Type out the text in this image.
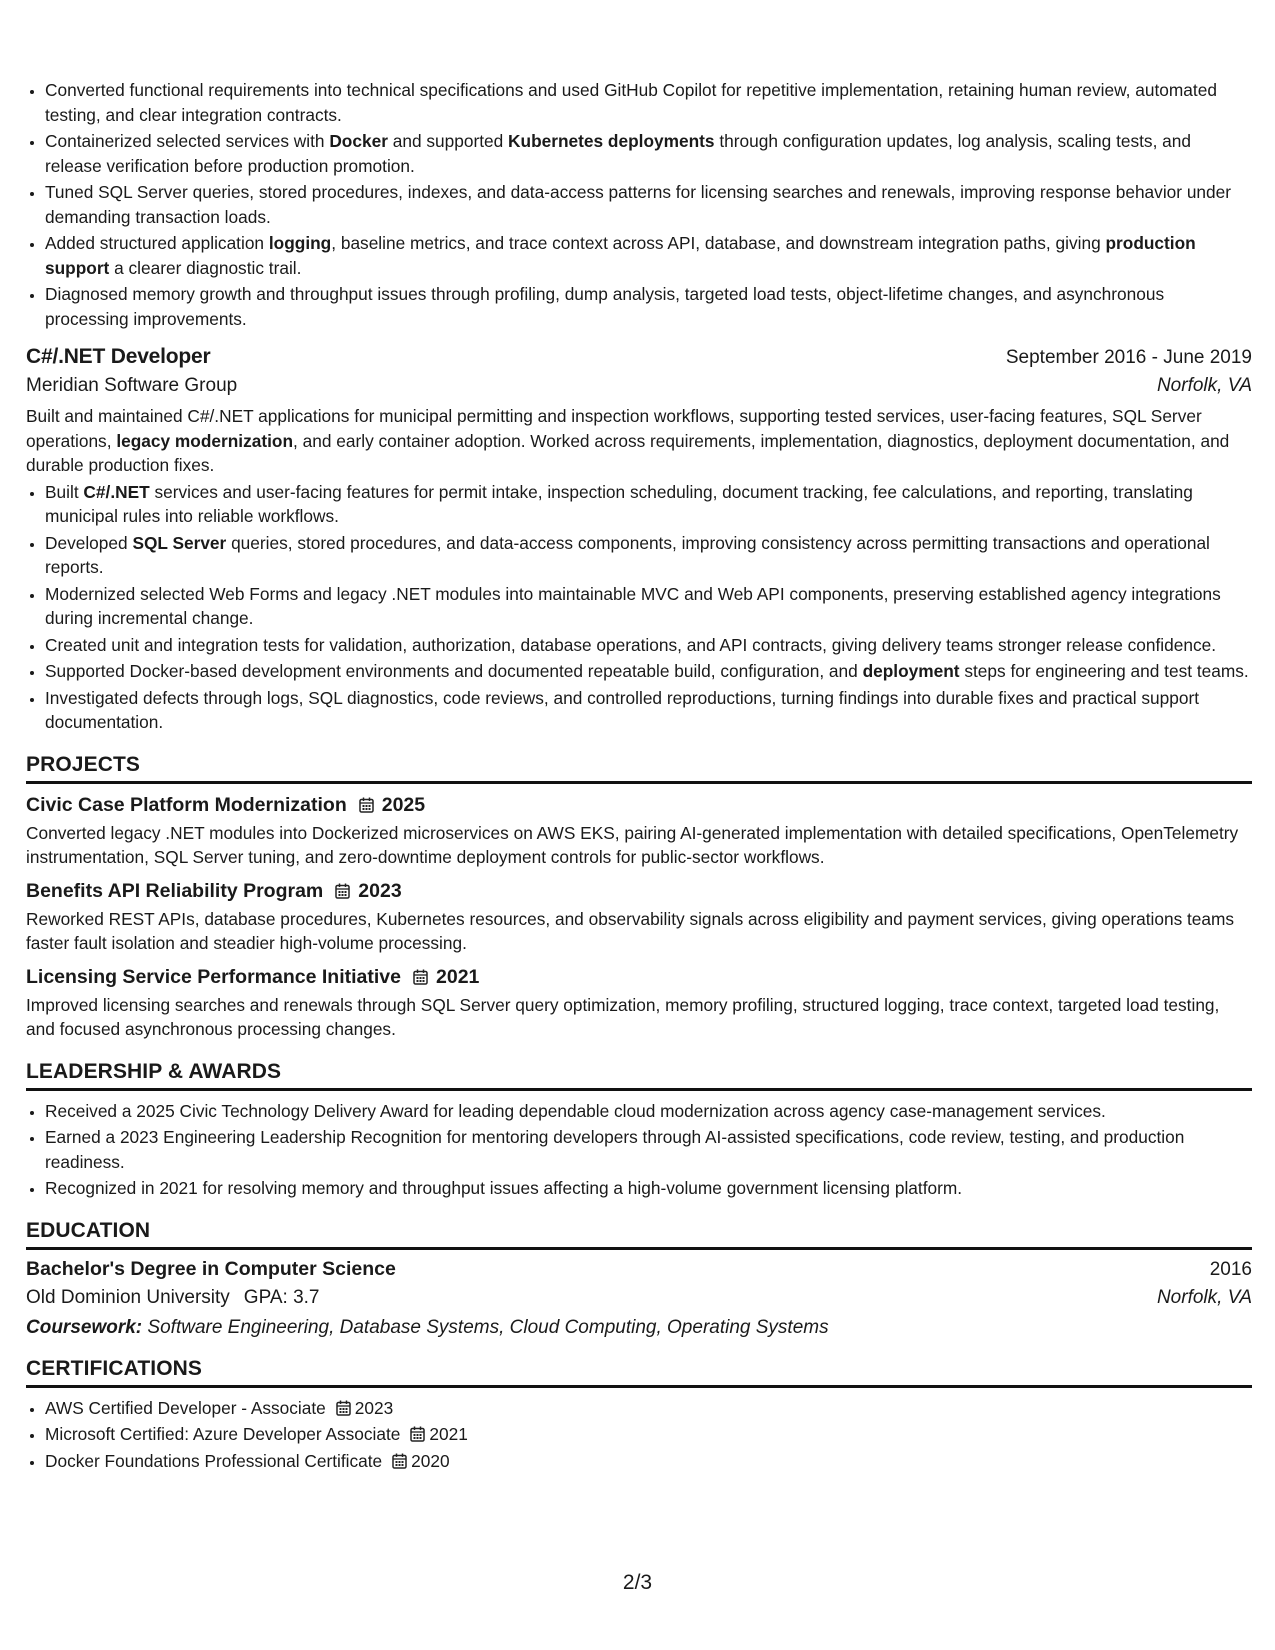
• Converted functional requirements into technical specifications and used GitHub Copilot for repetitive implementation, retaining human review, automated testing, and clear integration contracts.
• Containerized selected services with Docker and supported Kubernetes deployments through configuration updates, log analysis, scaling tests, and release verification before production promotion.
• Tuned SQL Server queries, stored procedures, indexes, and data-access patterns for licensing searches and renewals, improving response behavior under demanding transaction loads.
• Added structured application logging, baseline metrics, and trace context across API, database, and downstream integration paths, giving production support a clearer diagnostic trail.
• Diagnosed memory growth and throughput issues through profiling, dump analysis, targeted load tests, object-lifetime changes, and asynchronous processing improvements.
C#/.NET Developer	September 2016 - June 2019
Meridian Software Group	Norfolk, VA
Built and maintained C#/.NET applications for municipal permitting and inspection workflows, supporting tested services, user-facing features, SQL Server operations, legacy modernization, and early container adoption. Worked across requirements, implementation, diagnostics, deployment documentation, and durable production fixes.
• Built C#/.NET services and user-facing features for permit intake, inspection scheduling, document tracking, fee calculations, and reporting, translating municipal rules into reliable workflows.
• Developed SQL Server queries, stored procedures, and data-access components, improving consistency across permitting transactions and operational reports.
• Modernized selected Web Forms and legacy .NET modules into maintainable MVC and Web API components, preserving established agency integrations during incremental change.
• Created unit and integration tests for validation, authorization, database operations, and API contracts, giving delivery teams stronger release confidence.
• Supported Docker-based development environments and documented repeatable build, configuration, and deployment steps for engineering and test teams.
• Investigated defects through logs, SQL diagnostics, code reviews, and controlled reproductions, turning findings into durable fixes and practical support documentation.
PROJECTS
Civic Case Platform Modernization 2025
Converted legacy .NET modules into Dockerized microservices on AWS EKS, pairing AI-generated implementation with detailed specifications, OpenTelemetry instrumentation, SQL Server tuning, and zero-downtime deployment controls for public-sector workflows.
Benefits API Reliability Program 2023
Reworked REST APIs, database procedures, Kubernetes resources, and observability signals across eligibility and payment services, giving operations teams faster fault isolation and steadier high-volume processing.
Licensing Service Performance Initiative 2021
Improved licensing searches and renewals through SQL Server query optimization, memory profiling, structured logging, trace context, targeted load testing, and focused asynchronous processing changes.
LEADERSHIP & AWARDS
• Received a 2025 Civic Technology Delivery Award for leading dependable cloud modernization across agency case-management services.
• Earned a 2023 Engineering Leadership Recognition for mentoring developers through AI-assisted specifications, code review, testing, and production readiness.
• Recognized in 2021 for resolving memory and throughput issues affecting a high-volume government licensing platform.
EDUCATION
Bachelor's Degree in Computer Science	2016
Old Dominion University GPA: 3.7	Norfolk, VA
Coursework: Software Engineering, Database Systems, Cloud Computing, Operating Systems
CERTIFICATIONS
• AWS Certified Developer - Associate 2023
• Microsoft Certified: Azure Developer Associate 2021
• Docker Foundations Professional Certificate 2020
2/3
